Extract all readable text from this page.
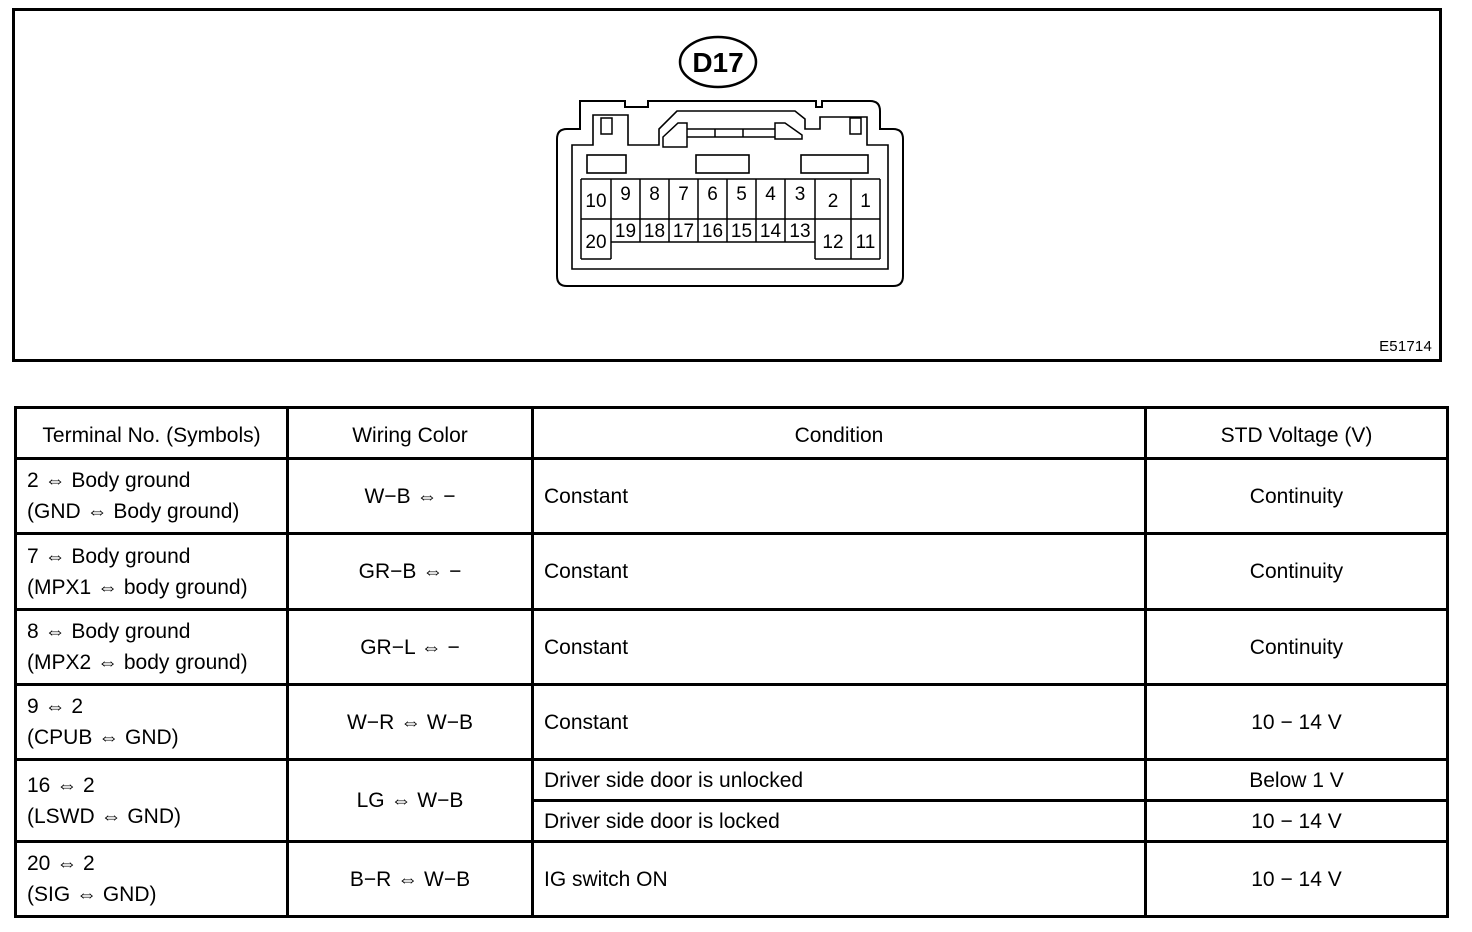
D17
10
20
9
19
8
18
7
17
6
16
5
15
4
14
3
13
2
12
1
11
E51714
Terminal No. (Symbols)	Wiring Color	Condition	STD Voltage (V)

2 ⇔ Body ground
(GND ⇔ Body ground)	W−B ⇔ −	Constant	Continuity

7 ⇔ Body ground
(MPX1 ⇔ body ground)	GR−B ⇔ −	Constant	Continuity

8 ⇔ Body ground
(MPX2 ⇔ body ground)	GR−L ⇔ −	Constant	Continuity

9 ⇔ 2
(CPUB ⇔ GND)	W−R ⇔ W−B	Constant	10 − 14 V

16 ⇔ 2
(LSWD ⇔ GND)	LG ⇔ W−B	Driver side door is unlocked	Below 1 V
		Driver side door is locked	10 − 14 V

20 ⇔ 2
(SIG ⇔ GND)	B−R ⇔ W−B	IG switch ON	10 − 14 V
